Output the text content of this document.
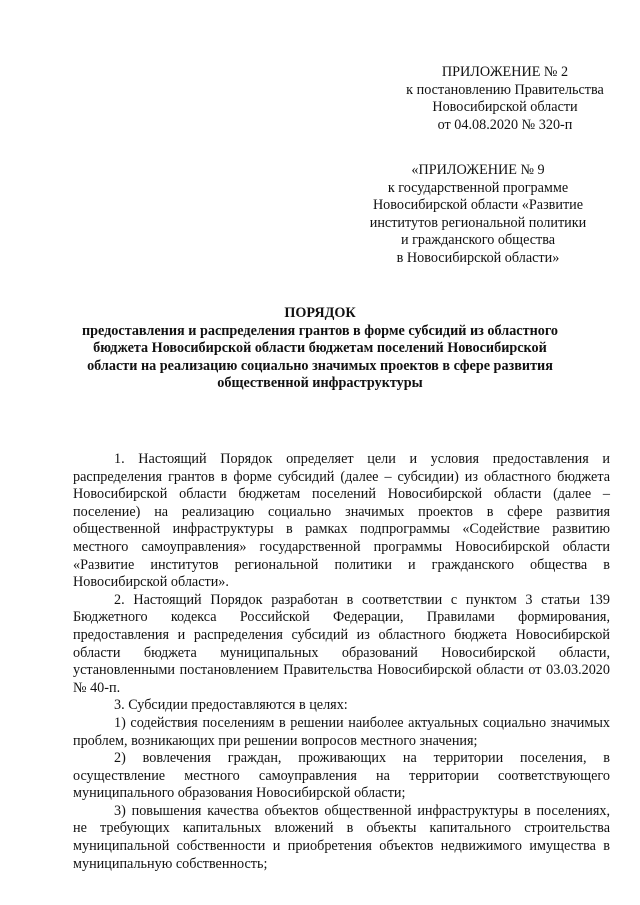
ПРИЛОЖЕНИЕ № 2

к постановлению Правительства

Новосибирской области

от 04.08.2020 № 320-п

«ПРИЛОЖЕНИЕ № 9

к государственной программе

Новосибирской области «Развитие

институтов региональной политики

и гражданского общества

в Новосибирской области»

ПОРЯДОК

предоставления и распределения грантов в форме субсидий из областного

бюджета Новосибирской области бюджетам поселений Новосибирской

области на реализацию социально значимых проектов в сфере развития

общественной инфраструктуры

1. Настоящий Порядок определяет цели и условия предоставления и распределения грантов в форме субсидий (далее – субсидии) из областного бюджета Новосибирской области бюджетам поселений Новосибирской области (далее – поселение) на реализацию социально значимых проектов в сфере развития общественной инфраструктуры в рамках подпрограммы «Содействие развитию местного самоуправления» государственной программы Новосибирской области «Развитие институтов региональной политики и гражданского общества в Новосибирской области».

2. Настоящий Порядок разработан в соответствии с пунктом 3 статьи 139 Бюджетного кодекса Российской Федерации, Правилами формирования, предоставления и распределения субсидий из областного бюджета Новосибирской области бюджета муниципальных образований Новосибирской области, установленными постановлением Правительства Новосибирской области от 03.03.2020 № 40-п.

3. Субсидии предоставляются в целях:

1) содействия поселениям в решении наиболее актуальных социально значимых проблем, возникающих при решении вопросов местного значения;

2) вовлечения граждан, проживающих на территории поселения, в осуществление местного самоуправления на территории соответствующего муниципального образования Новосибирской области;

3) повышения качества объектов общественной инфраструктуры в поселениях, не требующих капитальных вложений в объекты капитального строительства муниципальной собственности и приобретения объектов недвижимого имущества в муниципальную собственность;
